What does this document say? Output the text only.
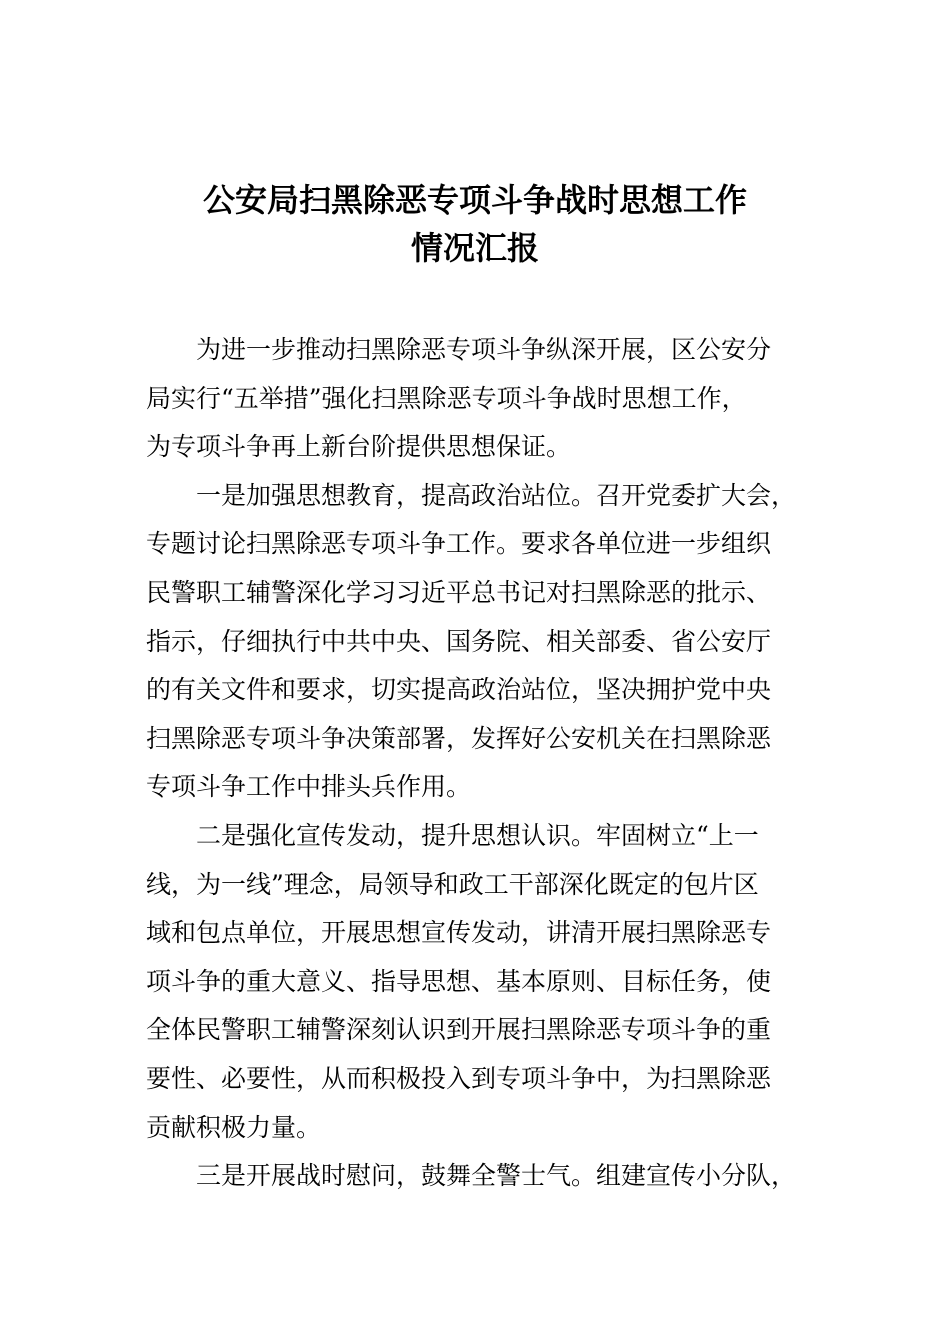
公安局扫黑除恶专项斗争战时思想工作
情况汇报

为进一步推动扫黑除恶专项斗争纵深开展，区公安分
局实行“五举措”强化扫黑除恶专项斗争战时思想工作，
为专项斗争再上新台阶提供思想保证。

一是加强思想教育，提高政治站位。召开党委扩大会，
专题讨论扫黑除恶专项斗争工作。要求各单位进一步组织
民警职工辅警深化学习习近平总书记对扫黑除恶的批示、
指示，仔细执行中共中央、国务院、相关部委、省公安厅
的有关文件和要求，切实提高政治站位，坚决拥护党中央
扫黑除恶专项斗争决策部署，发挥好公安机关在扫黑除恶
专项斗争工作中排头兵作用。

二是强化宣传发动，提升思想认识。牢固树立“上一
线，为一线”理念，局领导和政工干部深化既定的包片区
域和包点单位，开展思想宣传发动，讲清开展扫黑除恶专
项斗争的重大意义、指导思想、基本原则、目标任务，使
全体民警职工辅警深刻认识到开展扫黑除恶专项斗争的重
要性、必要性，从而积极投入到专项斗争中，为扫黑除恶
贡献积极力量。

三是开展战时慰问，鼓舞全警士气。组建宣传小分队，
